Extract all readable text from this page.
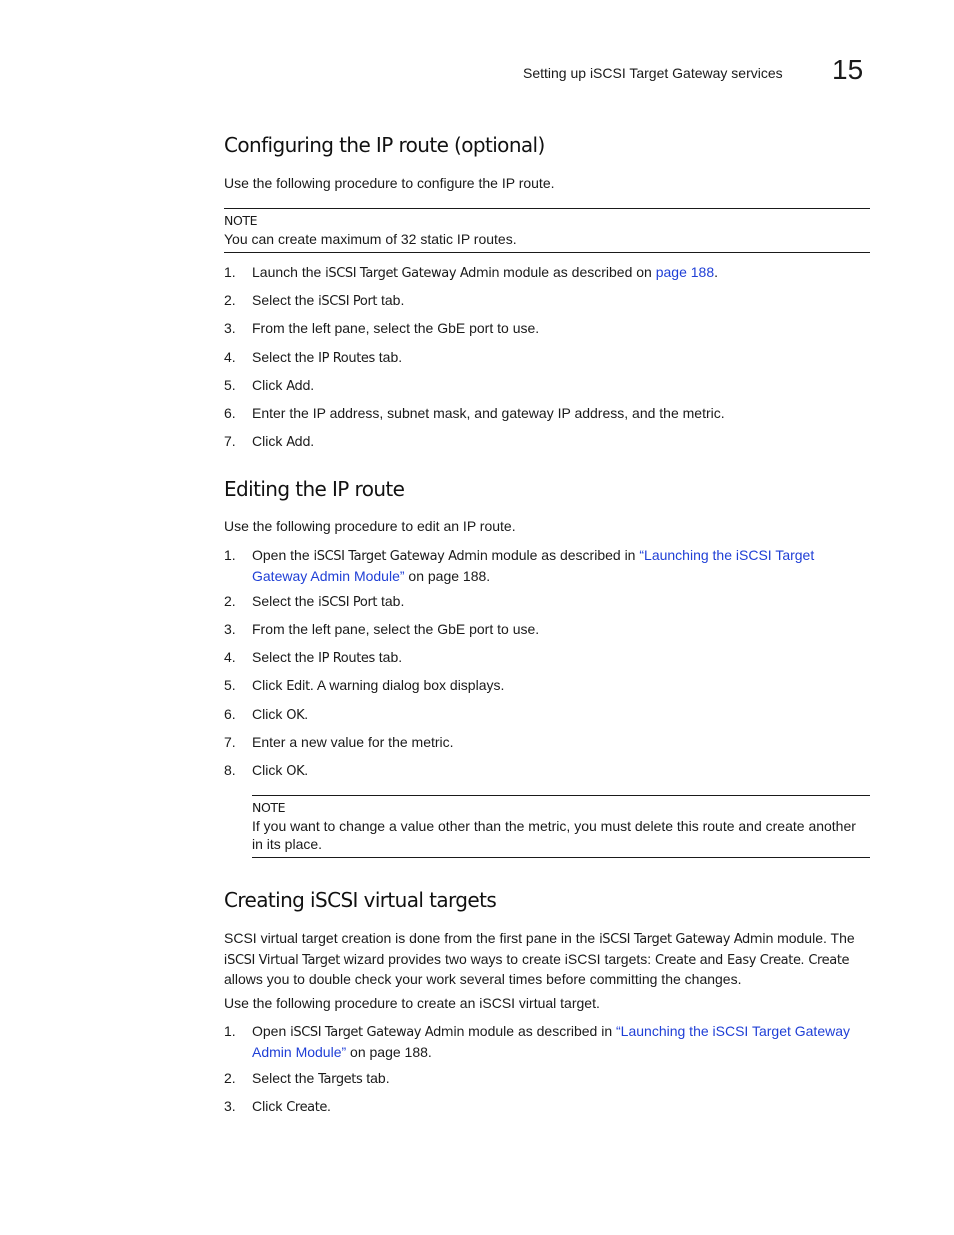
Setting up iSCSI Target Gateway services 15
Configuring the IP route (optional)

Use the following procedure to configure the IP route.

NOTE
You can create maximum of 32 static IP routes.
1. Launch the iSCSI Target Gateway Admin module as described on page 188.
2. Select the iSCSI Port tab.
3. From the left pane, select the GbE port to use.
4. Select the IP Routes tab.
5. Click Add.
6. Enter the IP address, subnet mask, and gateway IP address, and the metric.
7. Click Add.
Editing the IP route

Use the following procedure to edit an IP route.

1. Open the iSCSI Target Gateway Admin module as described in “Launching the iSCSI Target Gateway Admin Module” on page 188.
2. Select the iSCSI Port tab.
3. From the left pane, select the GbE port to use.
4. Select the IP Routes tab.
5. Click Edit. A warning dialog box displays.
6. Click OK.
7. Enter a new value for the metric.
8. Click OK.
NOTE
If you want to change a value other than the metric, you must delete this route and create another in its place.
Creating iSCSI virtual targets

SCSI virtual target creation is done from the first pane in the iSCSI Target Gateway Admin module. The iSCSI Virtual Target wizard provides two ways to create iSCSI targets: Create and Easy Create. Create allows you to double check your work several times before committing the changes.

Use the following procedure to create an iSCSI virtual target.

1. Open iSCSI Target Gateway Admin module as described in “Launching the iSCSI Target Gateway Admin Module” on page 188.
2. Select the Targets tab.
3. Click Create.
